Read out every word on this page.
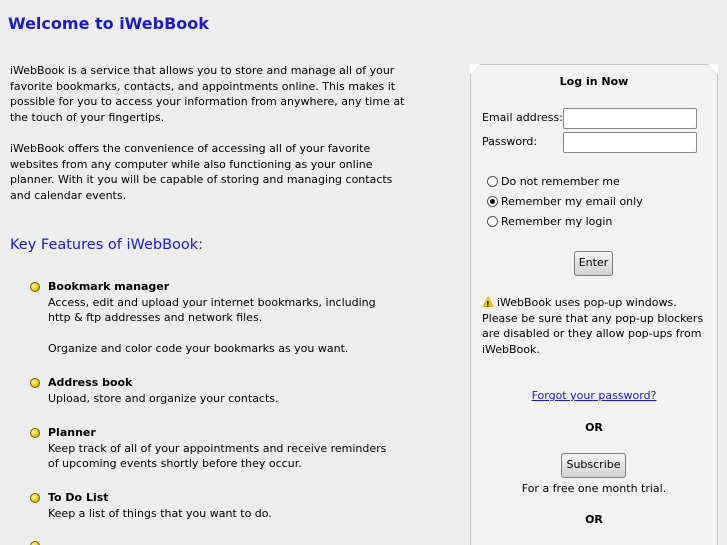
Welcome to iWebBook

iWebBook is a service that allows you to store and manage all of your favorite bookmarks, contacts, and appointments online. This makes it possible for you to access your information from anywhere, any time at the touch of your fingertips.

iWebBook offers the convenience of accessing all of your favorite websites from any computer while also functioning as your online planner. With it you will be capable of storing and managing contacts and calendar events.

Key Features of iWebBook:
Bookmark manager
Access, edit and upload your internet bookmarks, including http & ftp addresses and network files.
Organize and color code your bookmarks as you want.
Address book
Upload, store and organize your contacts.
Planner
Keep track of all of your appointments and receive reminders of upcoming events shortly before they occur.
To Do List
Keep a list of things that you want to do.
Log in Now
Email address:
Password:
Do not remember me
Remember my email only
Remember my login
Enter
!iWebBook uses pop-up windows. Please be sure that any pop-up blockers are disabled or they allow pop-ups from iWebBook.
Forgot your password?
OR
Subscribe
For a free one month trial.
OR
